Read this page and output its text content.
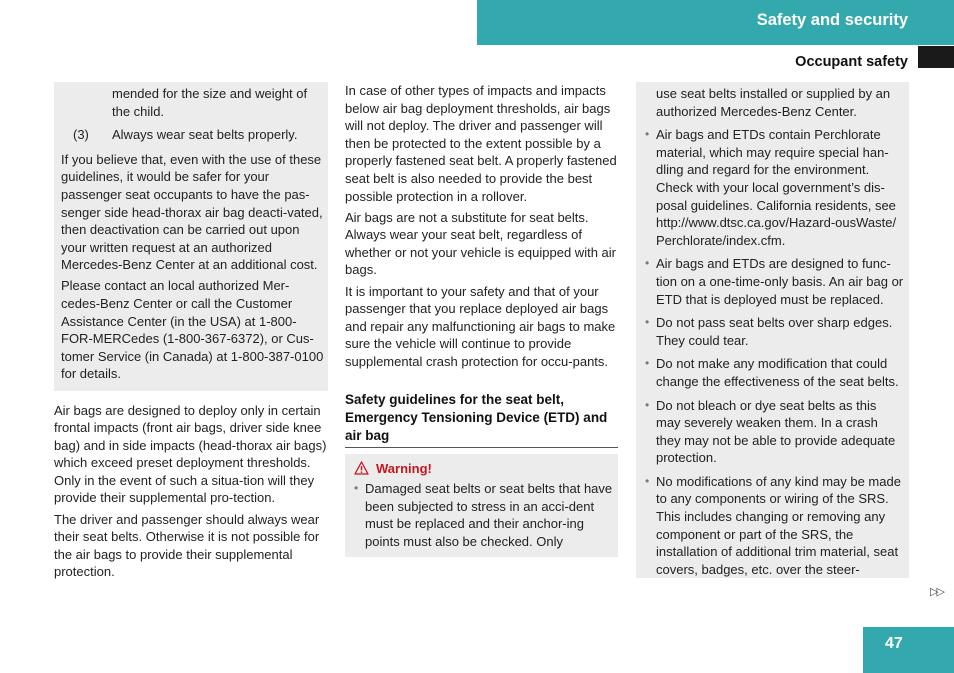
Safety and security
Occupant safety

mended for the size and weight of the child.

(3)	Always wear seat belts properly.

If you believe that, even with the use of these guidelines, it would be safer for your passenger seat occupants to have the pas-senger side head-thorax air bag deacti-vated, then deactivation can be carried out upon your written request at an authorized Mercedes-Benz Center at an additional cost.

Please contact an local authorized Mer-cedes-Benz Center or call the Customer Assistance Center (in the USA) at 1-800-FOR-MERCedes (1-800-367-6372), or Cus-tomer Service (in Canada) at 1-800-387-0100 for details.

Air bags are designed to deploy only in certain frontal impacts (front air bags, driver side knee bag) and in side impacts (head-thorax air bags) which exceed preset deployment thresholds. Only in the event of such a situa-tion will they provide their supplemental pro-tection.

The driver and passenger should always wear their seat belts. Otherwise it is not possible for the air bags to provide their supplemental protection.

In case of other types of impacts and impacts below air bag deployment thresholds, air bags will not deploy. The driver and passenger will then be protected to the extent possible by a properly fastened seat belt. A properly fastened seat belt is also needed to provide the best possible protection in a rollover.

Air bags are not a substitute for seat belts. Always wear your seat belt, regardless of whether or not your vehicle is equipped with air bags.

It is important to your safety and that of your passenger that you replace deployed air bags and repair any malfunctioning air bags to make sure the vehicle will continue to provide supplemental crash protection for occu-pants.

Safety guidelines for the seat belt, Emergency Tensioning Device (ETD) and air bag
Warning!
• Damaged seat belts or seat belts that have been subjected to stress in an acci-dent must be replaced and their anchor-ing points must also be checked. Only

use seat belts installed or supplied by an authorized Mercedes-Benz Center.

• Air bags and ETDs contain Perchlorate material, which may require special han-dling and regard for the environment. Check with your local government’s dis-posal guidelines. California residents, see http://www.dtsc.ca.gov/Hazard-ousWaste/ Perchlorate/index.cfm.
• Air bags and ETDs are designed to func-tion on a one-time-only basis. An air bag or ETD that is deployed must be replaced.
• Do not pass seat belts over sharp edges. They could tear.
• Do not make any modification that could change the effectiveness of the seat belts.
• Do not bleach or dye seat belts as this may severely weaken them. In a crash they may not be able to provide adequate protection.
• No modifications of any kind may be made to any components or wiring of the SRS. This includes changing or removing any component or part of the SRS, the installation of additional trim material, seat covers, badges, etc. over the steer-
▷▷
47
